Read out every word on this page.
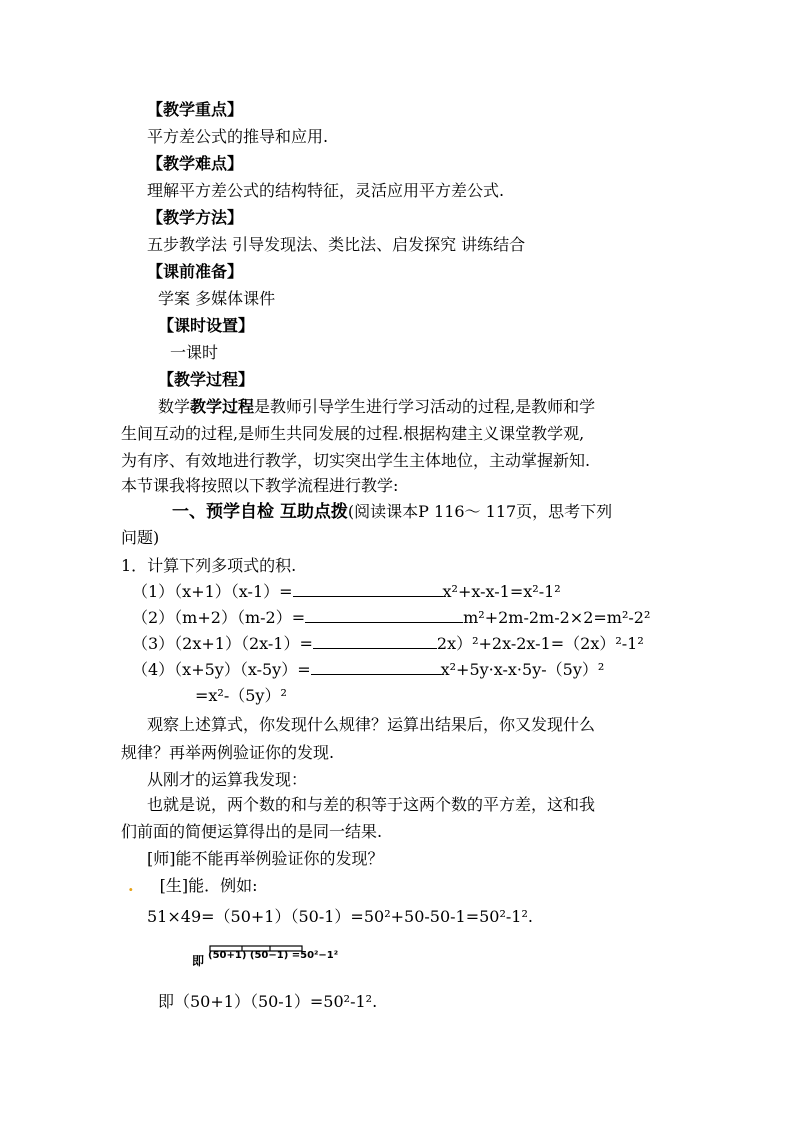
【教学重点】
平方差公式的推导和应用.
【教学难点】
理解平方差公式的结构特征，灵活应用平方差公式.
【教学方法】
五步教学法 引导发现法、类比法、启发探究 讲练结合
【课前准备】
学案 多媒体课件
【课时设置】
一课时
【教学过程】
数学教学过程是教师引导学生进行学习活动的过程,是教师和学
生间互动的过程,是师生共同发展的过程.根据构建主义课堂教学观,
为有序、有效地进行教学，切实突出学生主体地位，主动掌握新知.
本节课我将按照以下教学流程进行教学:
一、预学自检 互助点拨(阅读课本P 116～ 117页，思考下列
问题)
1．计算下列多项式的积.
（1）（x+1）（x-1）=	x²+x-x-1=x²-1²
（2）（m+2）（m-2）=	m²+2m-2m-2×2=m²-2²
（3）（2x+1）（2x-1）=	2x）²+2x-2x-1=（2x）²-1²
（4）（x+5y）（x-5y）=	x²+5y·x-x·5y-（5y）²
=x²-（5y）²
观察上述算式，你发现什么规律？运算出结果后，你又发现什么
规律？再举两例验证你的发现.
从刚才的运算我发现：
也就是说，两个数的和与差的积等于这两个数的平方差，这和我
们前面的简便运算得出的是同一结果.
[师]能不能再举例验证你的发现？
. [生]能．例如:
51×49=（50+1）（50-1）=50²+50-50-1=50²-1².
即 (50+1) (50−1) =50²−1²
即（50+1）（50-1）=50²-1².
